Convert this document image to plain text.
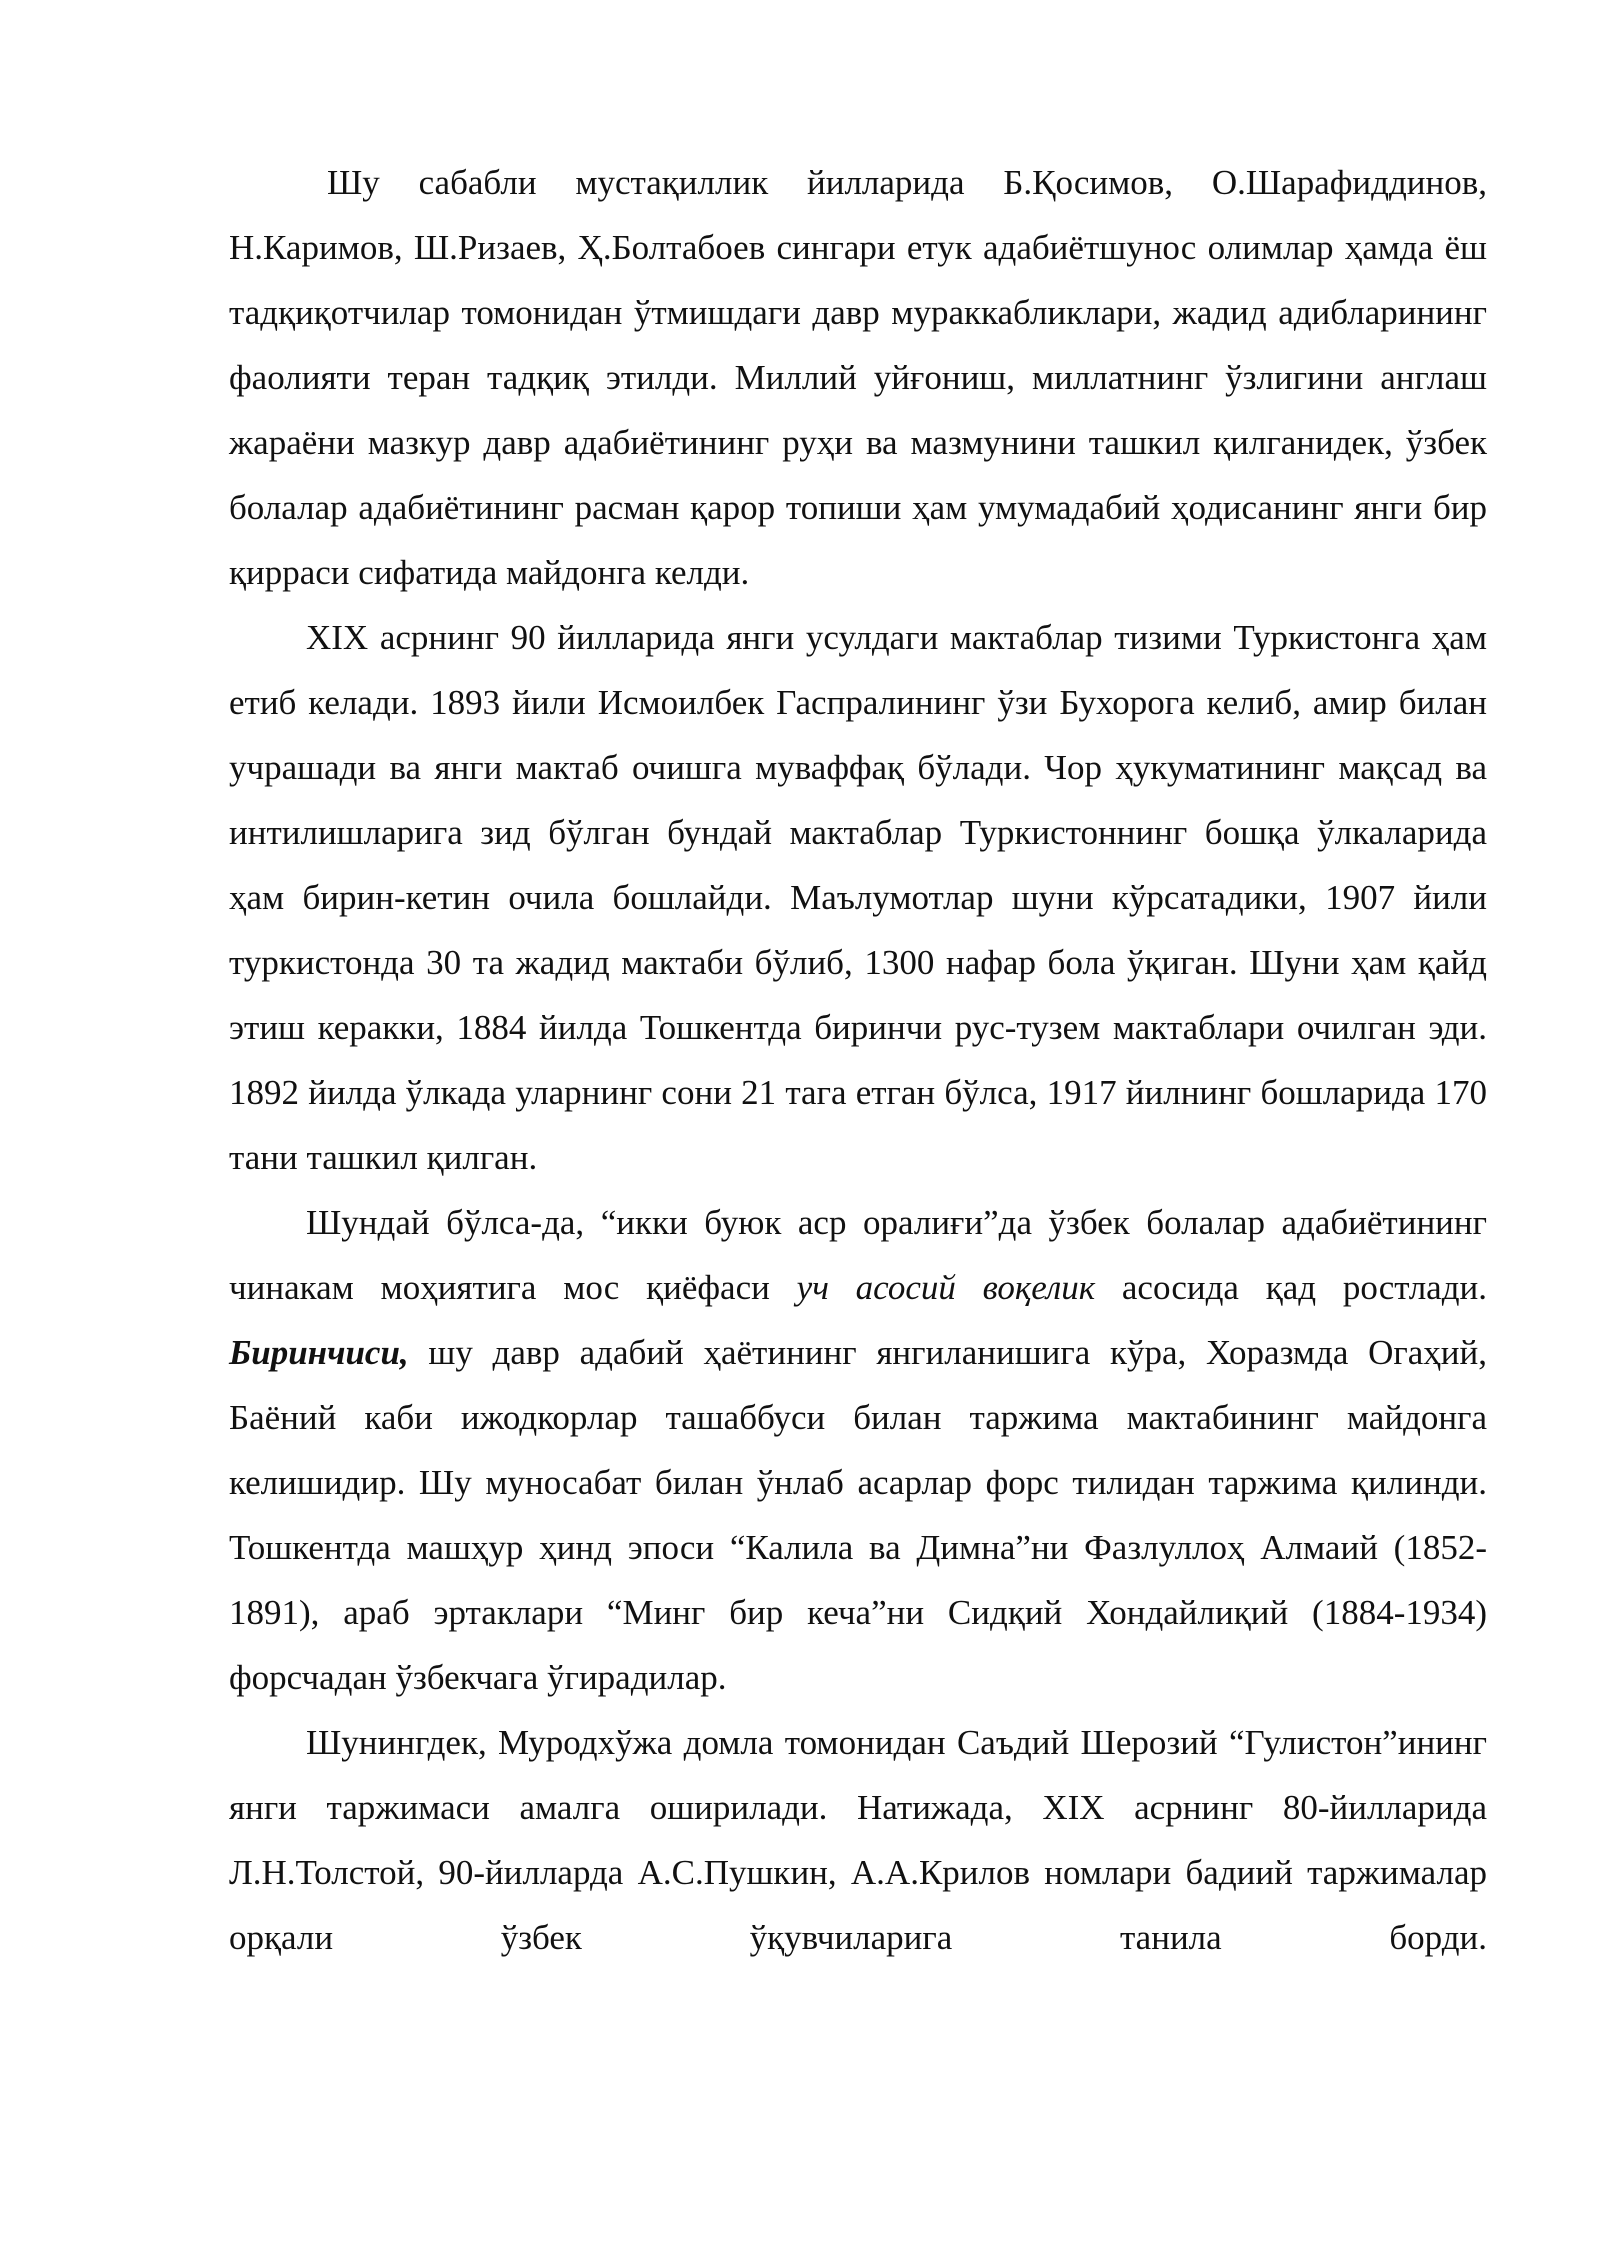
Шу сабабли мустақиллик йилларида Б.Қосимов, О.Шарафиддинов, Н.Каримов, Ш.Ризаев, Ҳ.Болтабоев сингари етук адабиётшунос олимлар ҳамда ёш тадқиқотчилар томонидан ўтмишдаги давр мураккабликлари, жадид адибларининг фаолияти теран тадқиқ этилди. Миллий уйғониш, миллатнинг ўзлигини англаш жараёни мазкур давр адабиётининг руҳи ва мазмунини ташкил қилганидек, ўзбек болалар адабиётининг расман қарор топиши ҳам умумадабий ҳодисанинг янги бир қирраси сифатида майдонга келди.

XIX асрнинг 90 йилларида янги усулдаги мактаблар тизими Туркистонга ҳам етиб келади. 1893 йили Исмоилбек Гаспралининг ўзи Бухорога келиб, амир билан учрашади ва янги мактаб очишга муваффақ бўлади. Чор ҳукуматининг мақсад ва интилишларига зид бўлган бундай мактаблар Туркистоннинг бошқа ўлкаларида ҳам бирин-кетин очила бошлайди. Маълумотлар шуни кўрсатадики, 1907 йили туркистонда 30 та жадид мактаби бўлиб, 1300 нафар бола ўқиган. Шуни ҳам қайд этиш керакки, 1884 йилда Тошкентда биринчи рус-тузем мактаблари очилган эди. 1892 йилда ўлкада уларнинг сони 21 тага етган бўлса, 1917 йилнинг бошларида 170 тани ташкил қилган.

Шундай бўлса-да, “икки буюк аср оралиғи”да ўзбек болалар адабиётининг чинакам моҳиятига мос қиёфаси уч асосий воқелик асосида қад ростлади. Биринчиси, шу давр адабий ҳаётининг янгиланишига кўра, Хоразмда Огаҳий, Баёний каби ижодкорлар ташаббуси билан таржима мактабининг майдонга келишидир. Шу муносабат билан ўнлаб асарлар форс тилидан таржима қилинди. Тошкентда машҳур ҳинд эпоси “Калила ва Димна”ни Фазлуллоҳ Алмаий (1852-1891), араб эртаклари “Минг бир кеча”ни Сидқий Хондайлиқий (1884-1934) форсчадан ўзбекчага ўгирадилар.

Шунингдек, Муродхўжа домла томонидан Саъдий Шерозий “Гулистон”ининг янги таржимаси амалга оширилади. Натижада, XIX асрнинг 80-йилларида Л.Н.Толстой, 90-йилларда А.С.Пушкин, А.А.Крилов номлари бадиий таржималар орқали ўзбек ўқувчиларига танила борди.
